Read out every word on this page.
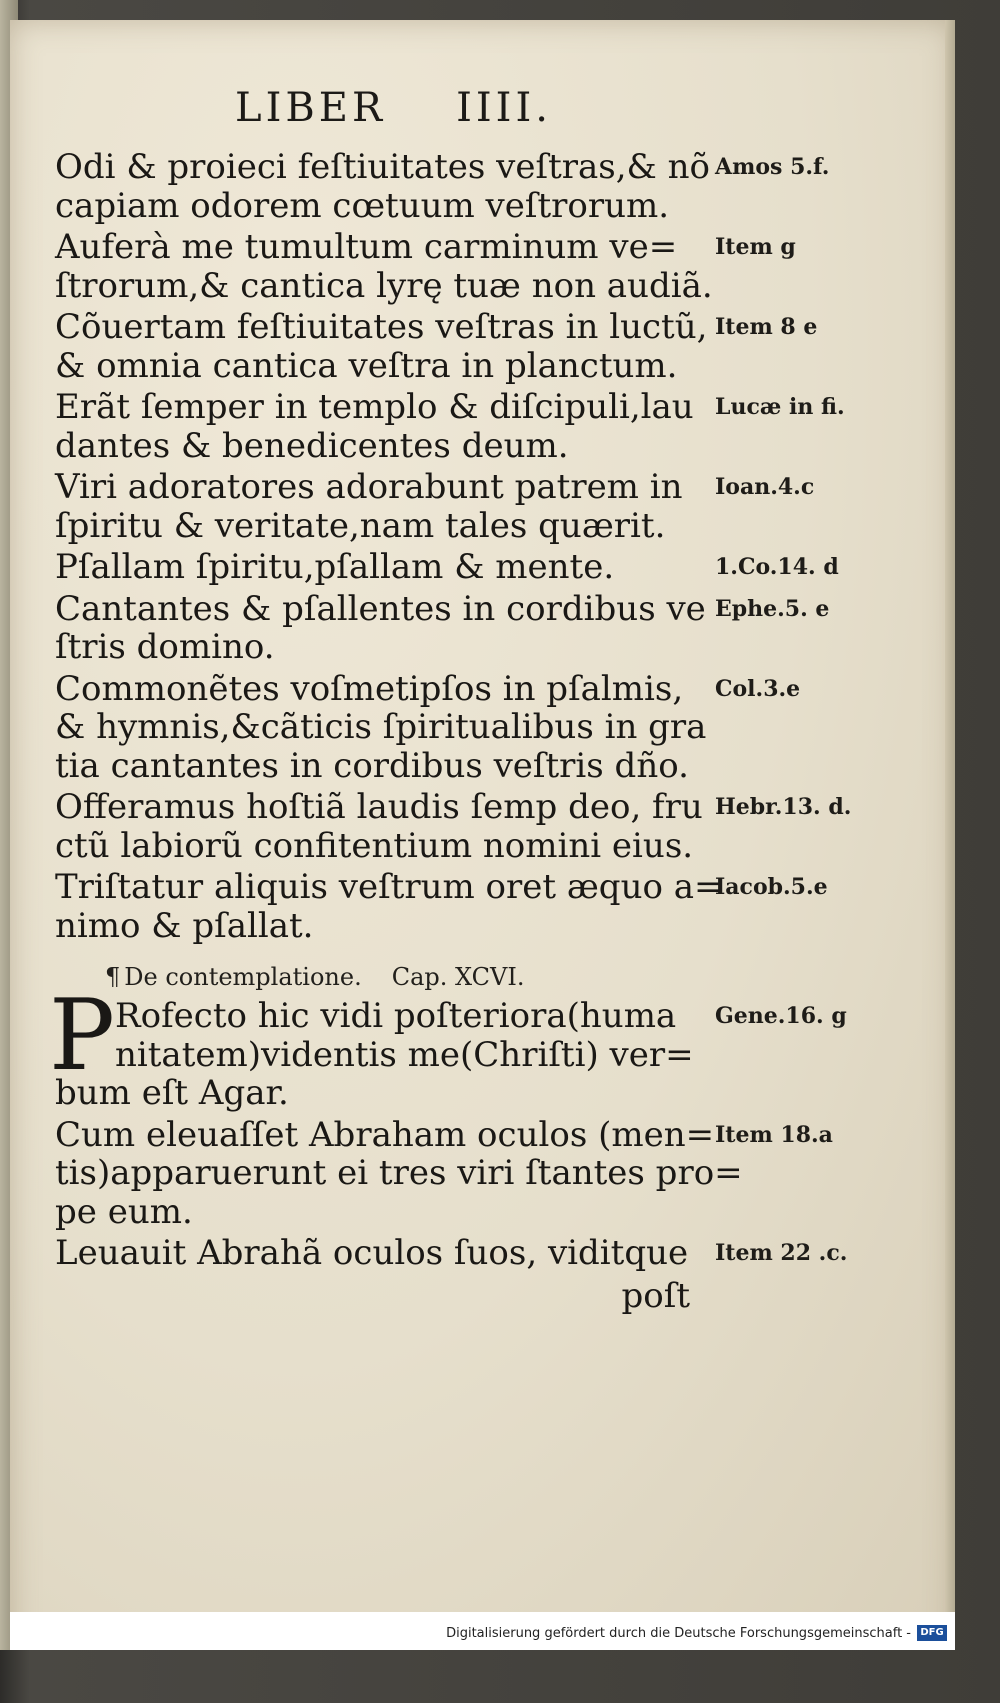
LIBER IIII.
Odi & proieci feſtiuitates veſtras,& nõ
capiam odorem cœtuum veſtrorum.
Amos 5.f.
Auferà me tumultum carminum ve=
ſtrorum,& cantica lyrę tuæ non audiã.
Item g
Cõuertam feſtiuitates veſtras in luctũ,
& omnia cantica veſtra in planctum.
Item 8 e
Erãt ſemper in templo & diſcipuli,lau
dantes & benedicentes deum.
Lucæ in fi.
Viri adoratores adorabunt patrem in
ſpiritu & veritate,nam tales quærit.
Ioan.4.c
Pſallam ſpiritu,pſallam & mente.	1.Co.14. d
Cantantes & pſallentes in cordibus ve
ſtris domino.
Ephe.5. e
Commonẽtes voſmetipſos in pſalmis,
& hymnis,&cãticis ſpiritualibus in gra
tia cantantes in cordibus veſtris dño.
Col.3.e
Offeramus hoſtiã laudis ſemp deo, fru
ctũ labiorũ confitentium nomini eius.
Hebr.13. d.
Triſtatur aliquis veſtrum oret æquo a=
nimo & pſallat.
Iacob.5.e
¶ De contemplatione. Cap. XCVI.
P Rofecto hic vidi poſteriora(huma
nitatem)videntis me(Chriſti) ver=
bum eſt Agar.
Gene.16. g
Cum eleuaſſet Abraham oculos (men=
tis)apparuerunt ei tres viri ſtantes pro=
pe eum.
Item 18.a
Leuauit Abrahã oculos ſuos, viditque	Item 22 .c.
poſt
Digitalisierung gefördert durch die Deutsche Forschungsgemeinschaft - DFG
